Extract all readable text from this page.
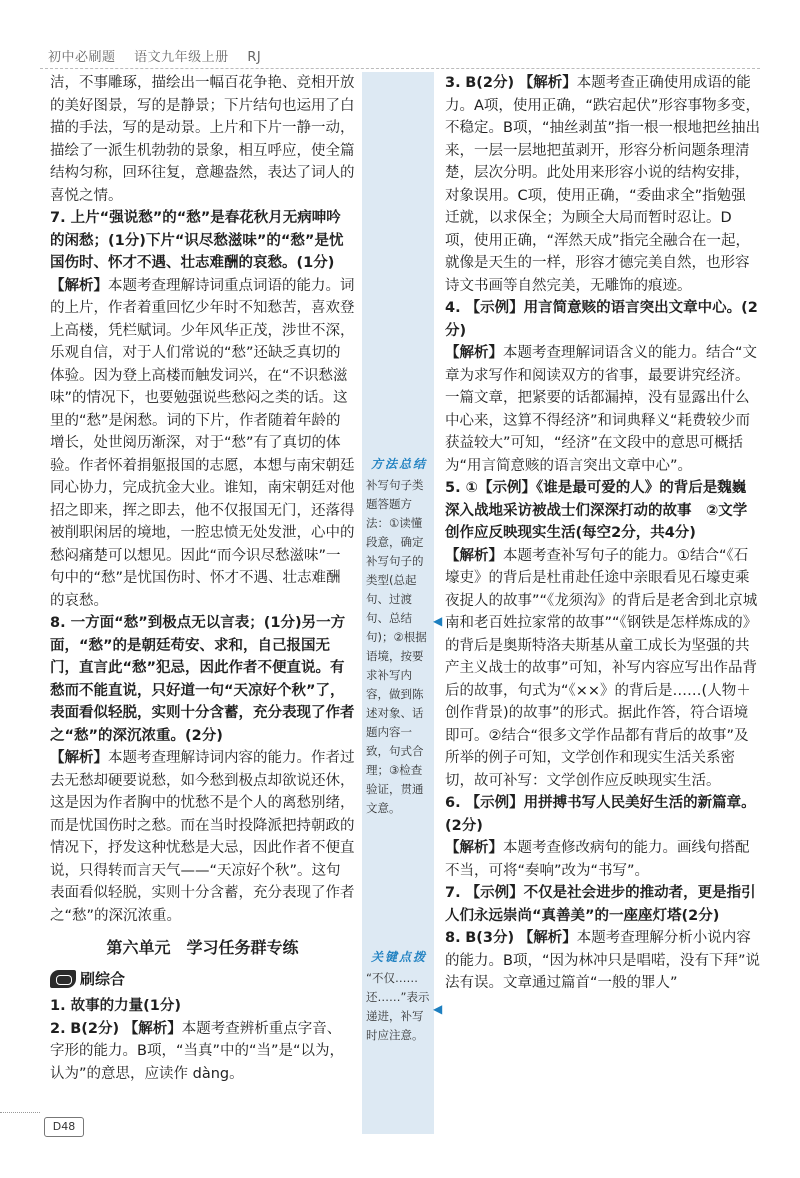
初中必刷题 语文九年级上册 RJ

洁，不事雕琢，描绘出一幅百花争艳、竞相开放的美好图景，写的是静景；下片结句也运用了白描的手法，写的是动景。上片和下片一静一动，描绘了一派生机勃勃的景象，相互呼应，使全篇结构匀称，回环往复，意趣盎然，表达了词人的喜悦之情。

7. 上片“强说愁”的“愁”是春花秋月无病呻吟的闲愁；(1分)下片“识尽愁滋味”的“愁”是忧国伤时、怀才不遇、壮志难酬的哀愁。(1分)

【解析】本题考查理解诗词重点词语的能力。词的上片，作者着重回忆少年时不知愁苦，喜欢登上高楼，凭栏赋词。少年风华正茂，涉世不深，乐观自信，对于人们常说的“愁”还缺乏真切的体验。因为登上高楼而触发词兴，在“不识愁滋味”的情况下，也要勉强说些愁闷之类的话。这里的“愁”是闲愁。词的下片，作者随着年龄的增长，处世阅历渐深，对于“愁”有了真切的体验。作者怀着捐躯报国的志愿，本想与南宋朝廷同心协力，完成抗金大业。谁知，南宋朝廷对他招之即来，挥之即去，他不仅报国无门，还落得被削职闲居的境地，一腔忠愤无处发泄，心中的愁闷痛楚可以想见。因此“而今识尽愁滋味”一句中的“愁”是忧国伤时、怀才不遇、壮志难酬的哀愁。

8. 一方面“愁”到极点无以言表；(1分)另一方面，“愁”的是朝廷苟安、求和，自己报国无门，直言此“愁”犯忌，因此作者不便直说。有愁而不能直说，只好道一句“天凉好个秋”了，表面看似轻脱，实则十分含蓄，充分表现了作者之“愁”的深沉浓重。(2分)

【解析】本题考查理解诗词内容的能力。作者过去无愁却硬要说愁，如今愁到极点却欲说还休，这是因为作者胸中的忧愁不是个人的离愁别绪，而是忧国伤时之愁。而在当时投降派把持朝政的情况下，抒发这种忧愁是大忌，因此作者不便直说，只得转而言天气——“天凉好个秋”。这句表面看似轻脱，实则十分含蓄，充分表现了作者之“愁”的深沉浓重。

第六单元　学习任务群专练
刷综合

1. 故事的力量(1分)

2. B(2分) 【解析】本题考查辨析重点字音、字形的能力。B项，“当真”中的“当”是“以为，认为”的意思，应读作 dàng。

方法总结
补写句子类题答题方法：①读懂段意，确定补写句子的类型(总起句、过渡句、总结句)；②根据语境，按要求补写内容，做到陈述对象、话题内容一致，句式合理；③检查验证，贯通文意。
关键点拨
“不仅……还……”表示递进，补写时应注意。
◀
◀

3. B(2分) 【解析】本题考查正确使用成语的能力。A项，使用正确，“跌宕起伏”形容事物多变，不稳定。B项，“抽丝剥茧”指一根一根地把丝抽出来，一层一层地把茧剥开，形容分析问题条理清楚，层次分明。此处用来形容小说的结构安排，对象误用。C项，使用正确，“委曲求全”指勉强迁就，以求保全；为顾全大局而暂时忍让。D项，使用正确，“浑然天成”指完全融合在一起，就像是天生的一样，形容才德完美自然，也形容诗文书画等自然完美，无雕饰的痕迹。

4. 【示例】用言简意赅的语言突出文章中心。(2分)

【解析】本题考查理解词语含义的能力。结合“文章为求写作和阅读双方的省事，最要讲究经济。一篇文章，把紧要的话都漏掉，没有显露出什么中心来，这算不得经济”和词典释义“耗费较少而获益较大”可知，“经济”在文段中的意思可概括为“用言简意赅的语言突出文章中心”。

5. ①【示例】《谁是最可爱的人》的背后是魏巍深入战地采访被战士们深深打动的故事　②文学创作应反映现实生活(每空2分，共4分)

【解析】本题考查补写句子的能力。①结合“《石壕吏》的背后是杜甫赴任途中亲眼看见石壕吏乘夜捉人的故事”“《龙须沟》的背后是老舍到北京城南和老百姓拉家常的故事”“《钢铁是怎样炼成的》的背后是奥斯特洛夫斯基从童工成长为坚强的共产主义战士的故事”可知，补写内容应写出作品背后的故事，句式为“《××》的背后是……(人物＋创作背景)的故事”的形式。据此作答，符合语境即可。②结合“很多文学作品都有背后的故事”及所举的例子可知，文学创作和现实生活关系密切，故可补写：文学创作应反映现实生活。

6. 【示例】用拼搏书写人民美好生活的新篇章。(2分)

【解析】本题考查修改病句的能力。画线句搭配不当，可将“奏响”改为“书写”。

7. 【示例】不仅是社会进步的推动者，更是指引人们永远崇尚“真善美”的一座座灯塔(2分)

8. B(3分) 【解析】本题考查理解分析小说内容的能力。B项，“因为林冲只是唱喏，没有下拜”说法有误。文章通过篇首“一般的罪人”

D48
